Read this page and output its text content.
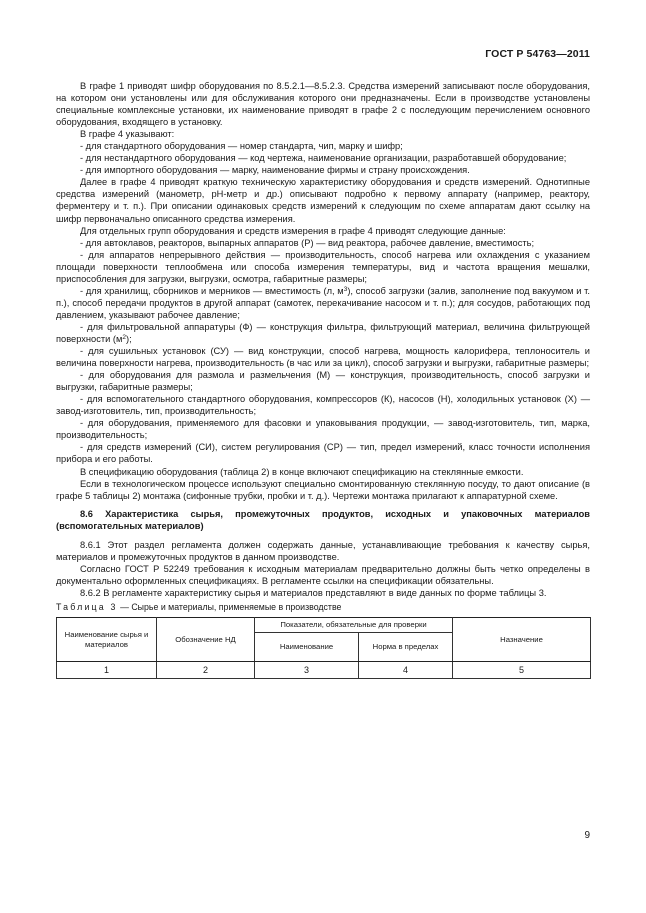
ГОСТ Р 54763—2011

В графе 1 приводят шифр оборудования по 8.5.2.1—8.5.2.3. Средства измерений записывают после оборудования, на котором они установлены или для обслуживания которого они предназначены. Если в производстве установлены специальные комплексные установки, их наименование приводят в графе 2 с последующим перечислением основного оборудования, входящего в установку.

В графе 4 указывают:

- для стандартного оборудования — номер стандарта, чип, марку и шифр;

- для нестандартного оборудования — код чертежа, наименование организации, разработавшей оборудование;

- для импортного оборудования — марку, наименование фирмы и страну происхождения.

Далее в графе 4 приводят краткую техническую характеристику оборудования и средств измерений. Однотипные средства измерений (манометр, pH-метр и др.) описывают подробно к первому аппарату (например, реактору, ферментеру и т. п.). При описании одинаковых средств измерений к следующим по схеме аппаратам дают ссылку на шифр первоначально описанного средства измерения.

Для отдельных групп оборудования и средств измерения в графе 4 приводят следующие данные:

- для автоклавов, реакторов, выпарных аппаратов (Р) — вид реактора, рабочее давление, вместимость;

- для аппаратов непрерывного действия — производительность, способ нагрева или охлаждения с указанием площади поверхности теплообмена или способа измерения температуры, вид и частота вращения мешалки, приспособления для загрузки, выгрузки, осмотра, габаритные размеры;

- для хранилищ, сборников и мерников — вместимость (л, $м^3$), способ загрузки (залив, заполнение под вакуумом и т. п.), способ передачи продуктов в другой аппарат (самотек, перекачивание насосом и т. п.); для сосудов, работающих под давлением, указывают рабочее давление;

- для фильтровальной аппаратуры (Ф) — конструкция фильтра, фильтрующий материал, величина фильтрующей поверхности $(м^2)$;

- для сушильных установок (СУ) — вид конструкции, способ нагрева, мощность калорифера, теплоноситель и величина поверхности нагрева, производительность (в час или за цикл), способ загрузки и выгрузки, габаритные размеры;

- для оборудования для размола и размельчения (М) — конструкция, производительность, способ загрузки и выгрузки, габаритные размеры;

- для вспомогательного стандартного оборудования, компрессоров (К), насосов (Н), холодильных установок (Х) — завод-изготовитель, тип, производительность;

- для оборудования, применяемого для фасовки и упаковывания продукции, — завод-изготовитель, тип, марка, производительность;

- для средств измерений (СИ), систем регулирования (СР) — тип, предел измерений, класс точности исполнения прибора и его работы.

В спецификацию оборудования (таблица 2) в конце включают спецификацию на стеклянные емкости.

Если в технологическом процессе используют специально смонтированную стеклянную посуду, то дают описание (в графе 5 таблицы 2) монтажа (сифонные трубки, пробки и т. д.). Чертежи монтажа прилагают к аппаратурной схеме.

8.6 Характеристика сырья, промежуточных продуктов, исходных и упаковочных материалов (вспомогательных материалов)

8.6.1 Этот раздел регламента должен содержать данные, устанавливающие требования к качеству сырья, материалов и промежуточных продуктов в данном производстве.

Согласно ГОСТ Р 52249 требования к исходным материалам предварительно должны быть четко определены в документально оформленных спецификациях. В регламенте ссылки на спецификации обязательны.

8.6.2 В регламенте характеристику сырья и материалов представляют в виде данных по форме таблицы 3.

Таблица 3 — Сырье и материалы, применяемые в производстве

Наименование сырья и материалов	Обозначение НД	Показатели, обязательные для проверки		Назначение
		Наименование	Норма в пределах	
1	2	3	4	5
9
